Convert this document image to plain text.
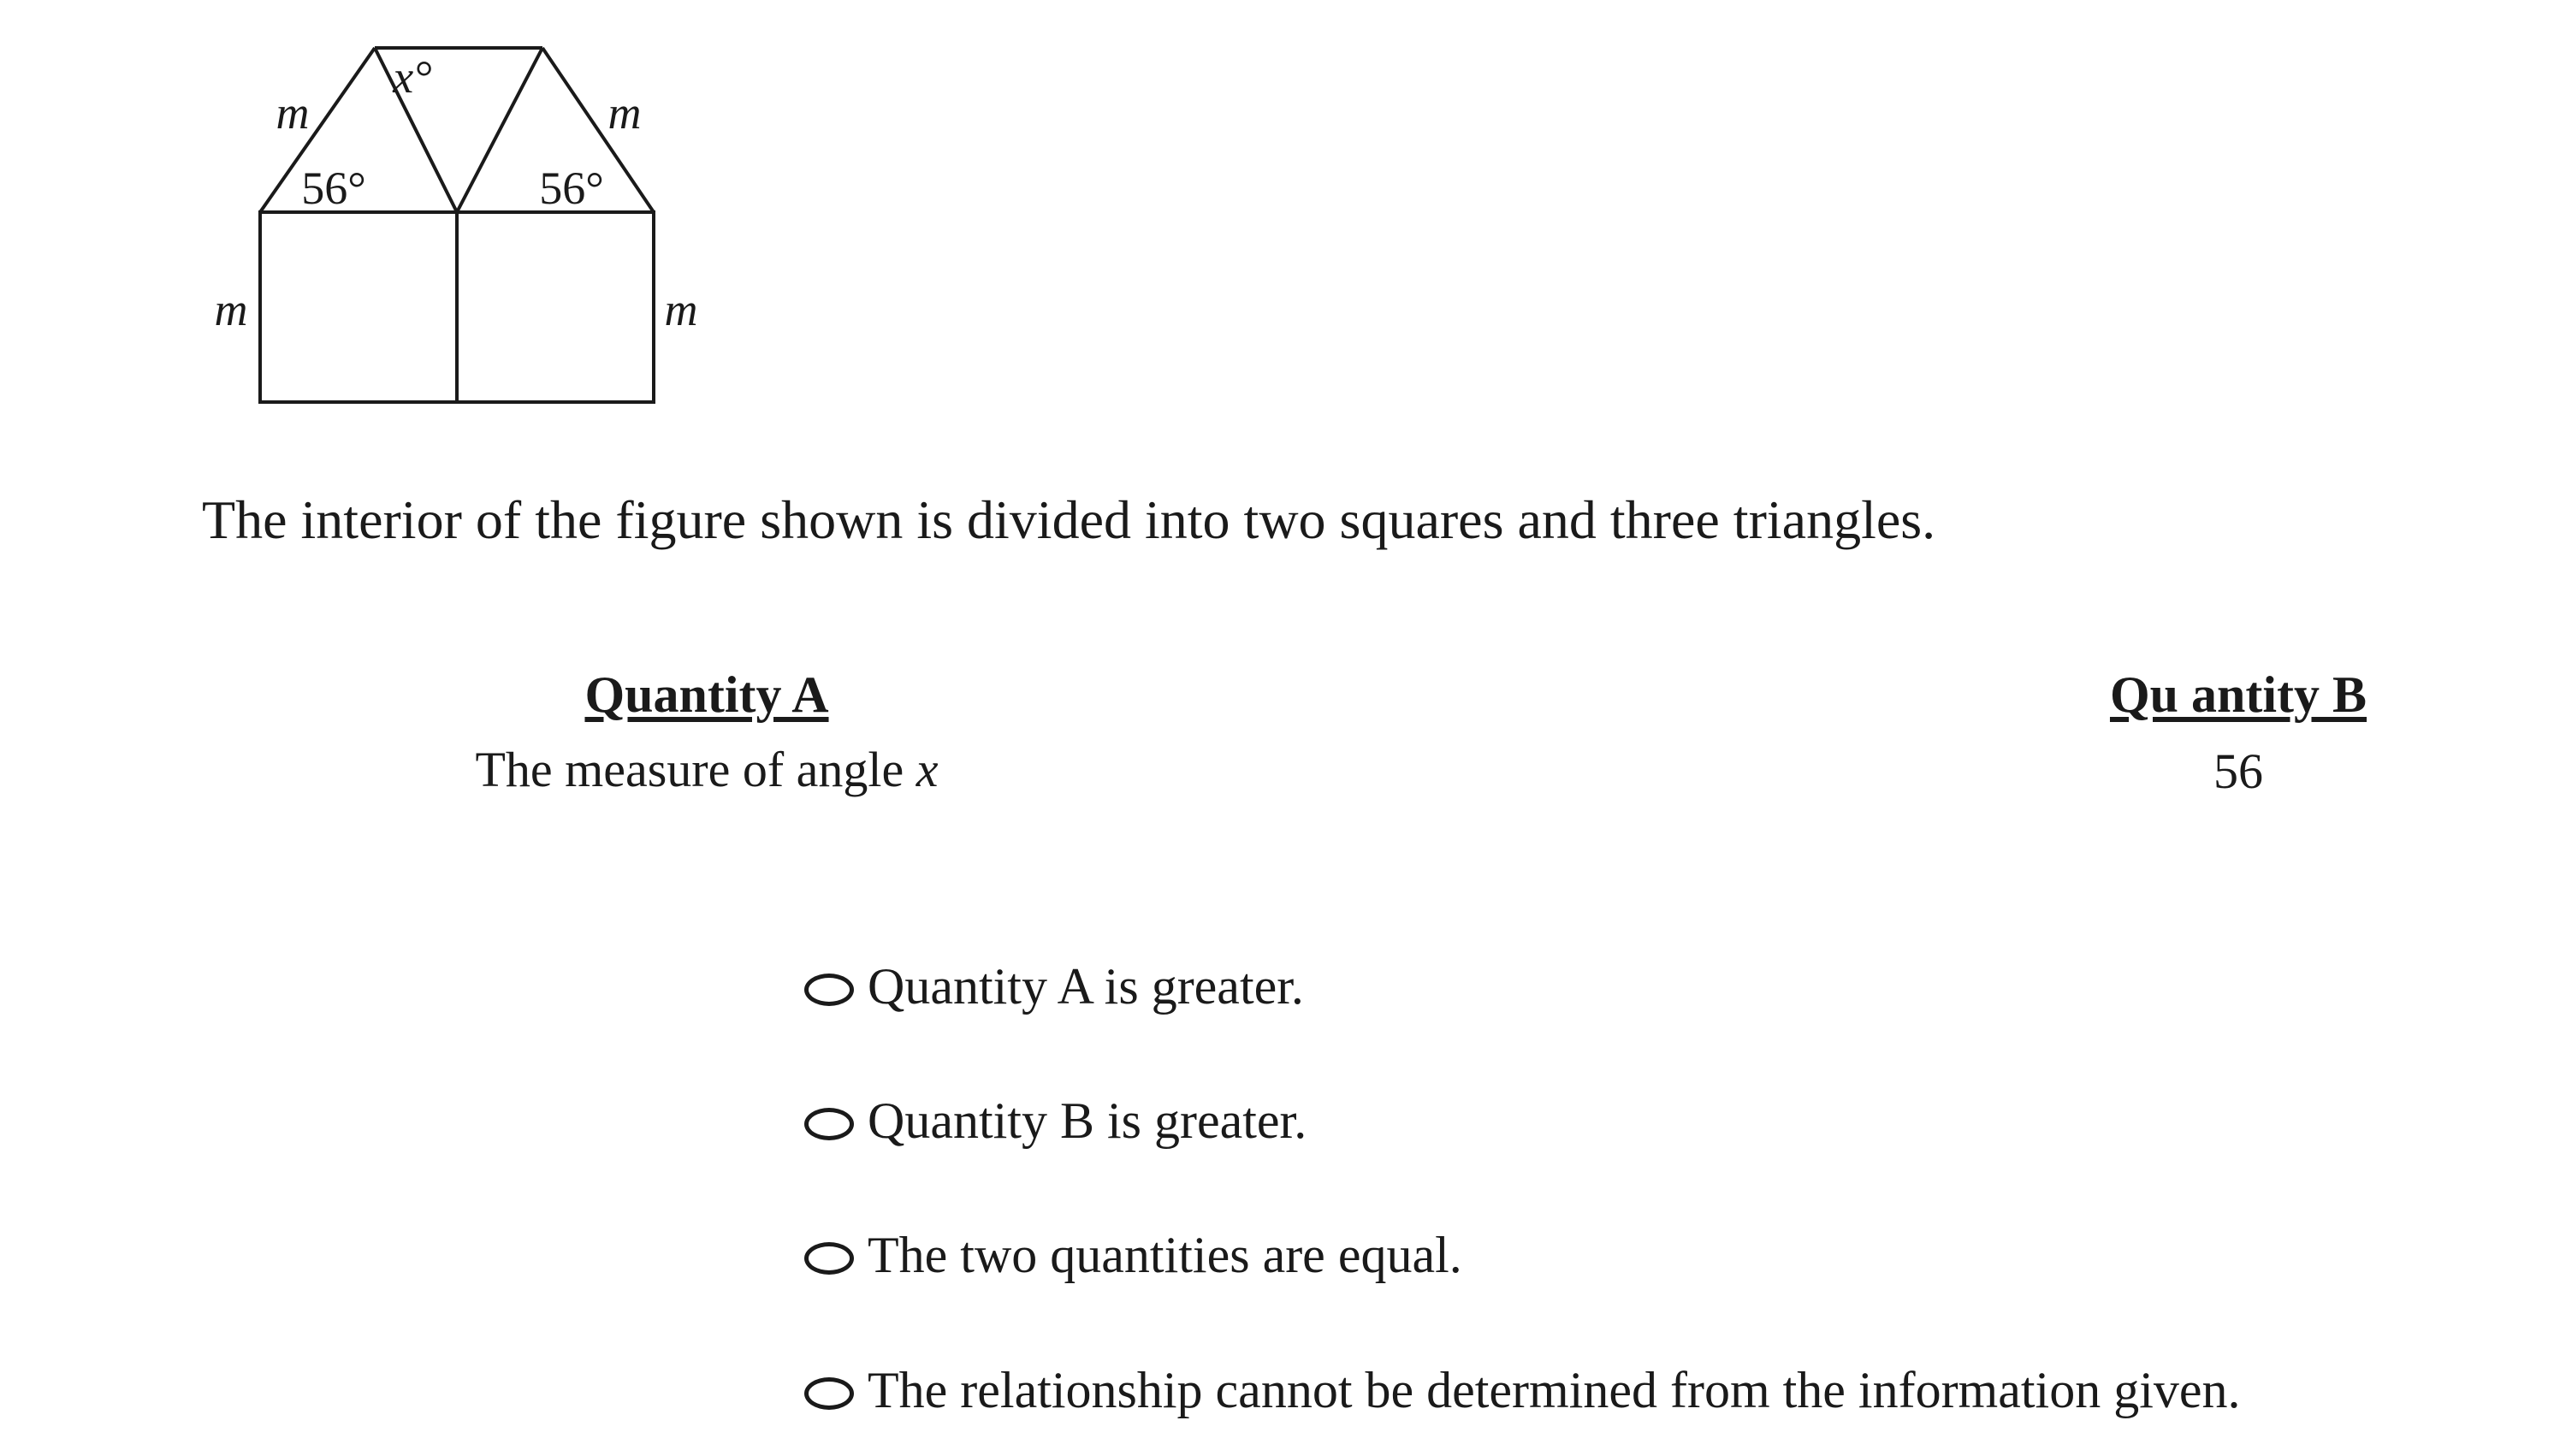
x°
m	m
56°	56°
m	m
The interior of the figure shown is divided into two squares and three triangles.
Quantity A	Qu antity B
The measure of angle x	56
Quantity A is greater.
Quantity B is greater.
The two quantities are equal.
The relationship cannot be determined from the information given.
